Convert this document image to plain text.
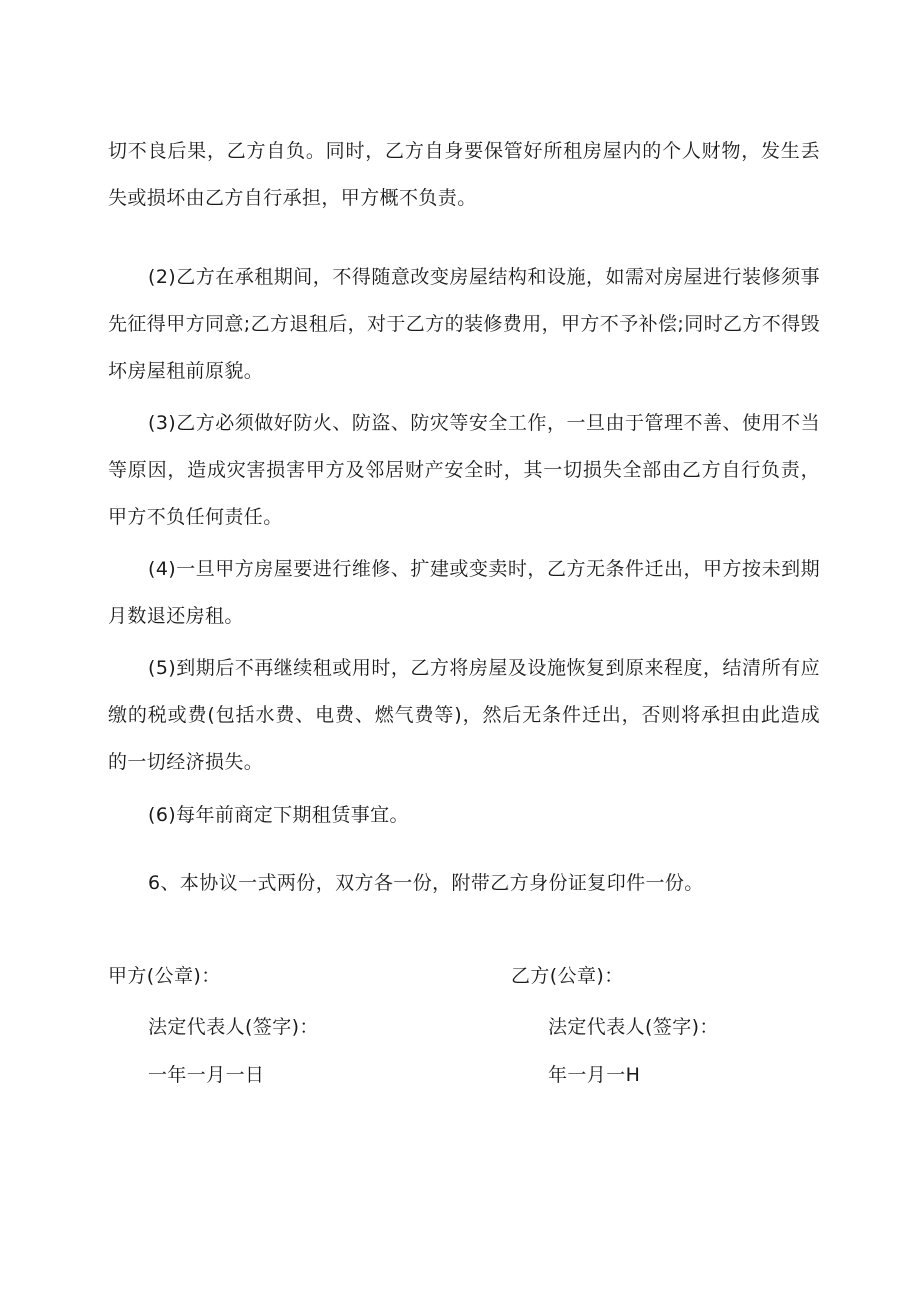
切不良后果，乙方自负。同时，乙方自身要保管好所租房屋内的个人财物，发生丢失或损坏由乙方自行承担，甲方概不负责。

(2)乙方在承租期间，不得随意改变房屋结构和设施，如需对房屋进行装修须事先征得甲方同意;乙方退租后，对于乙方的装修费用，甲方不予补偿;同时乙方不得毁坏房屋租前原貌。

(3)乙方必须做好防火、防盗、防灾等安全工作，一旦由于管理不善、使用不当等原因，造成灾害损害甲方及邻居财产安全时，其一切损失全部由乙方自行负责，甲方不负任何责任。

(4)一旦甲方房屋要进行维修、扩建或变卖时，乙方无条件迁出，甲方按未到期月数退还房租。

(5)到期后不再继续租或用时，乙方将房屋及设施恢复到原来程度，结清所有应缴的税或费(包括水费、电费、燃气费等)，然后无条件迁出，否则将承担由此造成的一切经济损失。

(6)每年前商定下期租赁事宜。

6、本协议一式两份，双方各一份，附带乙方身份证复印件一份。

甲方(公章)：
法定代表人(签字)：
一年一月一日
乙方(公章)：
法定代表人(签字)：
年一月一H
